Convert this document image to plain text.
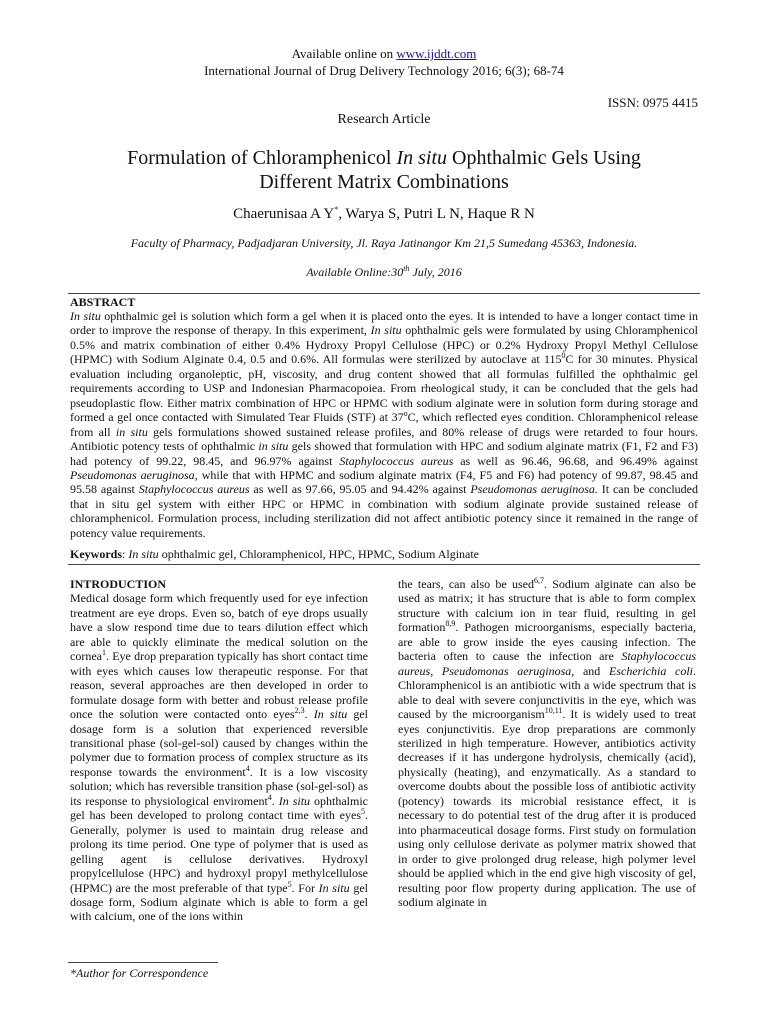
Available online on www.ijddt.com
International Journal of Drug Delivery Technology 2016; 6(3); 68-74
ISSN: 0975 4415
Research Article
Formulation of Chloramphenicol In situ Ophthalmic Gels Using
Different Matrix Combinations
Chaerunisaa A Y*, Warya S, Putri L N, Haque R N
Faculty of Pharmacy, Padjadjaran University, Jl. Raya Jatinangor Km 21,5 Sumedang 45363, Indonesia.
Available Online:30th July, 2016
ABSTRACT
In situ ophthalmic gel is solution which form a gel when it is placed onto the eyes. It is intended to have a longer contact time in order to improve the response of therapy. In this experiment, In situ ophthalmic gels were formulated by using Chloramphenicol 0.5% and matrix combination of either 0.4% Hydroxy Propyl Cellulose (HPC) or 0.2% Hydroxy Propyl Methyl Cellulose (HPMC) with Sodium Alginate 0.4, 0.5 and 0.6%. All formulas were sterilized by autoclave at $115^0C$ for 30 minutes. Physical evaluation including organoleptic, pH, viscosity, and drug content showed that all formulas fulfilled the ophthalmic gel requirements according to USP and Indonesian Pharmacopoiea. From rheological study, it can be concluded that the gels had pseudoplastic flow. Either matrix combination of HPC or HPMC with sodium alginate were in solution form during storage and formed a gel once contacted with Simulated Tear Fluids (STF) at 37$^o$C, which reflected eyes condition. Chloramphenicol release from all in situ gels formulations showed sustained release profiles, and 80% release of drugs were retarded to four hours. Antibiotic potency tests of ophthalmic in situ gels showed that formulation with HPC and sodium alginate matrix (F1, F2 and F3) had potency of 99.22, 98.45, and 96.97% against Staphylococcus aureus as well as 96.46, 96.68, and 96.49% against Pseudomonas aeruginosa, while that with HPMC and sodium alginate matrix (F4, F5 and F6) had potency of 99.87, 98.45 and 95.58 against Staphylococcus aureus as well as 97.66, 95.05 and 94.42% against Pseudomonas aeruginosa. It can be concluded that in situ gel system with either HPC or HPMC in combination with sodium alginate provide sustained release of chloramphenicol. Formulation process, including sterilization did not affect antibiotic potency since it remained in the range of potency value requirements.
Keywords: In situ ophthalmic gel, Chloramphenicol, HPC, HPMC, Sodium Alginate
INTRODUCTION

Medical dosage form which frequently used for eye infection treatment are eye drops. Even so, batch of eye drops usually have a slow respond time due to tears dilution effect which are able to quickly eliminate the medical solution on the cornea$^1$. Eye drop preparation typically has short contact time with eyes which causes low therapeutic response. For that reason, several approaches are then developed in order to formulate dosage form with better and robust release profile once the solution were contacted onto eyes$^{2,3}$. In situ gel dosage form is a solution that experienced reversible transitional phase (sol-gel-sol) caused by changes within the polymer due to formation process of complex structure as its response towards the environment$^4$. It is a low viscosity solution; which has reversible transition phase (sol-gel-sol) as its response to physiological enviroment$^4$. In situ ophthalmic gel has been developed to prolong contact time with eyes$^5$. Generally, polymer is used to maintain drug release and prolong its time period. One type of polymer that is used as gelling agent is cellulose derivatives. Hydroxyl propylcellulose (HPC) and hydroxyl propyl methylcellulose (HPMC) are the most preferable of that type$^5$. For In situ gel dosage form, Sodium alginate which is able to form a gel with calcium, one of the ions within

the tears, can also be used$^{6,7}$. Sodium alginate can also be used as matrix; it has structure that is able to form complex structure with calcium ion in tear fluid, resulting in gel formation$^{8,9}$. Pathogen microorganisms, especially bacteria, are able to grow inside the eyes causing infection. The bacteria often to cause the infection are Staphylococcus aureus, Pseudomonas aeruginosa, and Escherichia coli. Chloramphenicol is an antibiotic with a wide spectrum that is able to deal with severe conjunctivitis in the eye, which was caused by the microorganism$^{10,11}$. It is widely used to treat eyes conjunctivitis. Eye drop preparations are commonly sterilized in high temperature. However, antibiotics activity decreases if it has undergone hydrolysis, chemically (acid), physically (heating), and enzymatically. As a standard to overcome doubts about the possible loss of antibiotic activity (potency) towards its microbial resistance effect, it is necessary to do potential test of the drug after it is produced into pharmaceutical dosage forms. First study on formulation using only cellulose derivate as polymer matrix showed that in order to give prolonged drug release, high polymer level should be applied which in the end give high viscosity of gel, resulting poor flow property during application. The use of sodium alginate in

*Author for Correspondence
